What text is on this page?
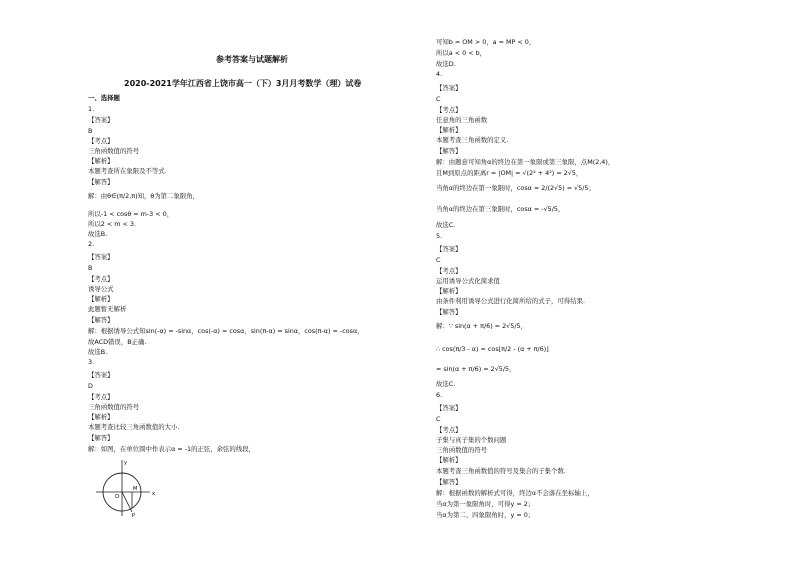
参考答案与试题解析
2020-2021学年江西省上饶市高一（下）3月月考数学（理）试卷
一、选择题
1.
【答案】
B
【考点】
三角函数值的符号
【解析】
本题考查所在象限及不等式.
【解答】
解：由θ∈(π/2,π)知，θ为第二象限角，
所以-1 < cosθ = m-3 < 0，
所以2 < m < 3.
故选B.
2.
【答案】
B
【考点】
诱导公式
【解析】
此题暂无解析
【解答】
解：根据诱导公式知sin(-α) = -sinα，cos(-α) = cosα，sin(π-α) = sinα，cos(π-α) = -cosα，
故ACD错误，B正确.
故选B.
3.
【答案】
D
【考点】
三角函数值的符号
【解析】
本题考查比较三角函数值的大小.
【解答】
解：如图，在单位圆中作表示α = -1的正弦，余弦的线段，
y
x
M
O
P
可知b = OM > 0，a = MP < 0，
所以a < 0 < b，
故选D.
4.
【答案】
C
【考点】
任意角的三角函数
【解析】
本题考查三角函数的定义.
【解答】
解：由题意可知角α的终边在第一象限或第三象限，点M(2,4)，
且M到原点的距离r = |OM| = √(2² + 4²) = 2√5，
当角α的终边在第一象限时，cosα = 2/(2√5) = √5/5；
当角α的终边在第三象限时，cosα = -√5/5，
故选C.
5.
【答案】
C
【考点】
运用诱导公式化简求值
【解析】
由条件利用诱导公式进行化简所给的式子，可得结果.
【解答】
解：∵ sin(α + π/6) = 2√5/5，
∴ cos(π/3 - α) = cos[π/2 - (α + π/6)]
= sin(α + π/6) = 2√5/5，
故选C.
6.
【答案】
C
【考点】
子集与真子集的个数问题
三角函数值的符号
【解析】
本题考查三角函数值的符号及集合的子集个数.
【解答】
解：根据函数的解析式可得，终边α不会落在坐标轴上，
当α为第一象限角时，可得y = 2；
当α为第二、四象限角时，y = 0；
